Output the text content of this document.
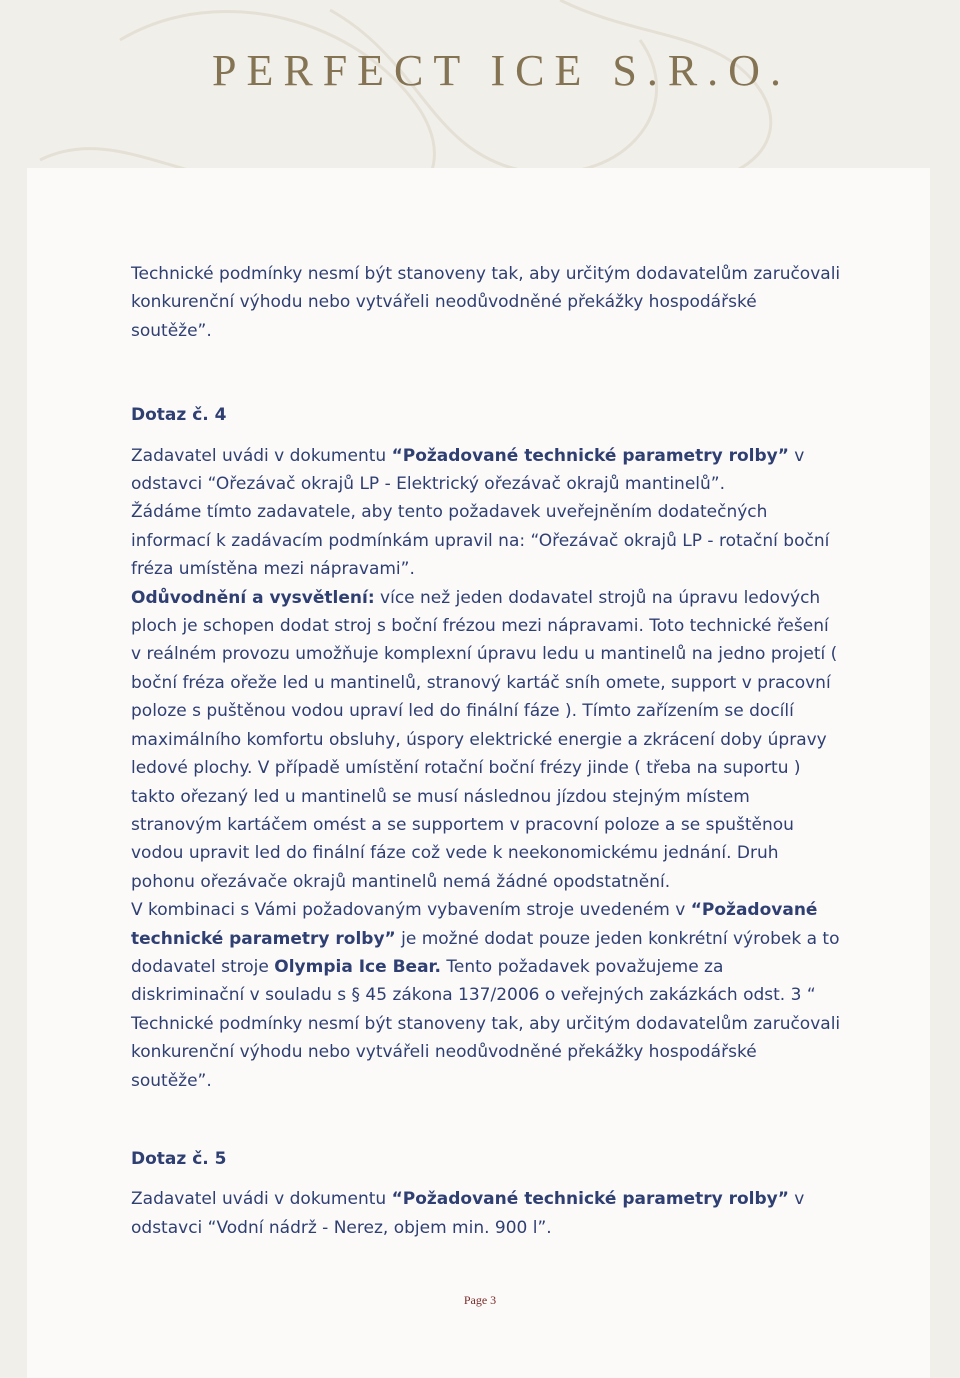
PERFECT ICE S.R.O.

Technické podmínky nesmí být stanoveny tak, aby určitým dodavatelům zaručovali konkurenční výhodu nebo vytvářeli neodůvodněné překážky hospodářské soutěže”.

Dotaz č. 4

Zadavatel uvádi v dokumentu “Požadované technické parametry rolby” v odstavci “Ořezávač okrajů LP - Elektrický ořezávač okrajů mantinelů”.

Žádáme tímto zadavatele, aby tento požadavek uveřejněním dodatečných informací k zadávacím podmínkám upravil na: “Ořezávač okrajů LP - rotační boční fréza umístěna mezi nápravami”.

Odůvodnění a vysvětlení: více než jeden dodavatel strojů na úpravu ledových ploch je schopen dodat stroj s boční frézou mezi nápravami. Toto technické řešení v reálném provozu umožňuje komplexní úpravu ledu u mantinelů na jedno projetí ( boční fréza ořeže led u mantinelů, stranový kartáč sníh omete, support v pracovní poloze s puštěnou vodou upraví led do finální fáze ). Tímto zařízením se docílí maximálního komfortu obsluhy, úspory elektrické energie a zkrácení doby úpravy ledové plochy. V případě umístění rotační boční frézy jinde ( třeba na suportu ) takto ořezaný led u mantinelů se musí následnou jízdou stejným místem stranovým kartáčem omést a se supportem v pracovní poloze a se spuštěnou vodou upravit led do finální fáze což vede k neekonomickému jednání. Druh pohonu ořezávače okrajů mantinelů nemá žádné opodstatnění.

V kombinaci s Vámi požadovaným vybavením stroje uvedeném v “Požadované technické parametry rolby” je možné dodat pouze jeden konkrétní výrobek a to dodavatel stroje Olympia Ice Bear. Tento požadavek považujeme za diskriminační v souladu s § 45 zákona 137/2006 o veřejných zakázkách odst. 3 “ Technické podmínky nesmí být stanoveny tak, aby určitým dodavatelům zaručovali konkurenční výhodu nebo vytvářeli neodůvodněné překážky hospodářské soutěže”.

Dotaz č. 5

Zadavatel uvádi v dokumentu “Požadované technické parametry rolby” v odstavci “Vodní nádrž - Nerez, objem min. 900 l”.

Page 3
